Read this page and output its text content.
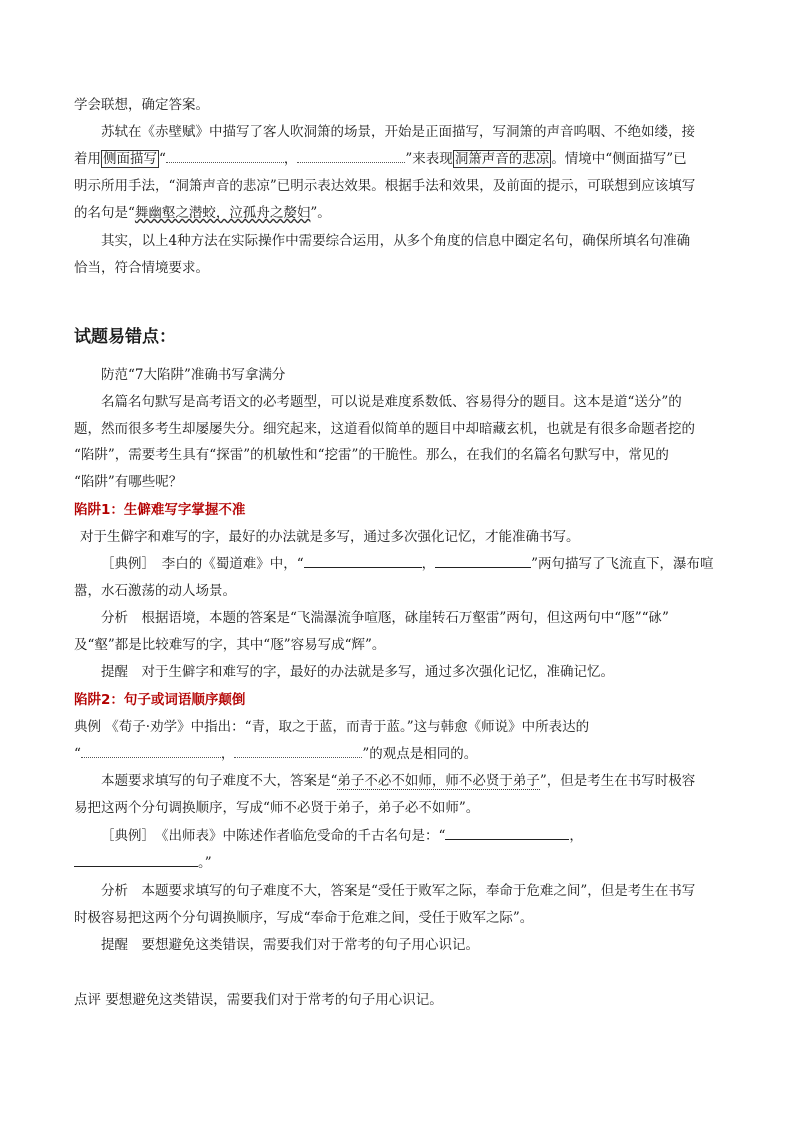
学会联想，确定答案。

苏轼在《赤壁赋》中描写了客人吹洞箫的场景，开始是正面描写，写洞箫的声音呜咽、不绝如缕，接

着用 侧面描写 “	，	”来表现 洞箫声音的悲凉 。情境中“侧面描写”已

明示所用手法，“洞箫声音的悲凉”已明示表达效果。根据手法和效果，及前面的提示，可联想到应该填写

的名句是“舞幽壑之潜蛟，泣孤舟之嫠妇”。

其实，以上4种方法在实际操作中需要综合运用，从多个角度的信息中圈定名句，确保所填名句准确

恰当，符合情境要求。

试题易错点：

防范“7大陷阱”准确书写拿满分

名篇名句默写是高考语文的必考题型，可以说是难度系数低、容易得分的题目。这本是道“送分”的

题，然而很多考生却屡屡失分。细究起来，这道看似简单的题目中却暗藏玄机，也就是有很多命题者挖的

“陷阱”，需要考生具有“探雷”的机敏性和“挖雷”的干脆性。那么，在我们的名篇名句默写中，常见的

“陷阱”有哪些呢？

陷阱1：生僻难写字掌握不准

对于生僻字和难写的字，最好的办法就是多写，通过多次强化记忆，才能准确书写。

［典例］　李白的《蜀道难》中，“	，	”两句描写了飞流直下，瀑布喧

嚣，水石激荡的动人场景。

分析　根据语境，本题的答案是“飞湍瀑流争喧豗，砯崖转石万壑雷”两句，但这两句中“豗”“砯”

及“壑”都是比较难写的字，其中“豗”容易写成“辉”。

提醒　对于生僻字和难写的字，最好的办法就是多写，通过多次强化记忆，准确记忆。

陷阱2：句子或词语顺序颠倒

典例 《荀子·劝学》中指出：“青，取之于蓝，而青于蓝。”这与韩愈《师说》中所表达的

“	，	”的观点是相同的。

本题要求填写的句子难度不大，答案是“弟子不必不如师，师不必贤于弟子”，但是考生在书写时极容

易把这两个分句调换顺序，写成“师不必贤于弟子，弟子必不如师”。

［典例］　《出师表》中陈述作者临危受命的千古名句是：“	，

。”

分析　本题要求填写的句子难度不大，答案是“受任于败军之际，奉命于危难之间”，但是考生在书写

时极容易把这两个分句调换顺序，写成“奉命于危难之间，受任于败军之际”。

提醒　要想避免这类错误，需要我们对于常考的句子用心识记。

点评 要想避免这类错误，需要我们对于常考的句子用心识记。
